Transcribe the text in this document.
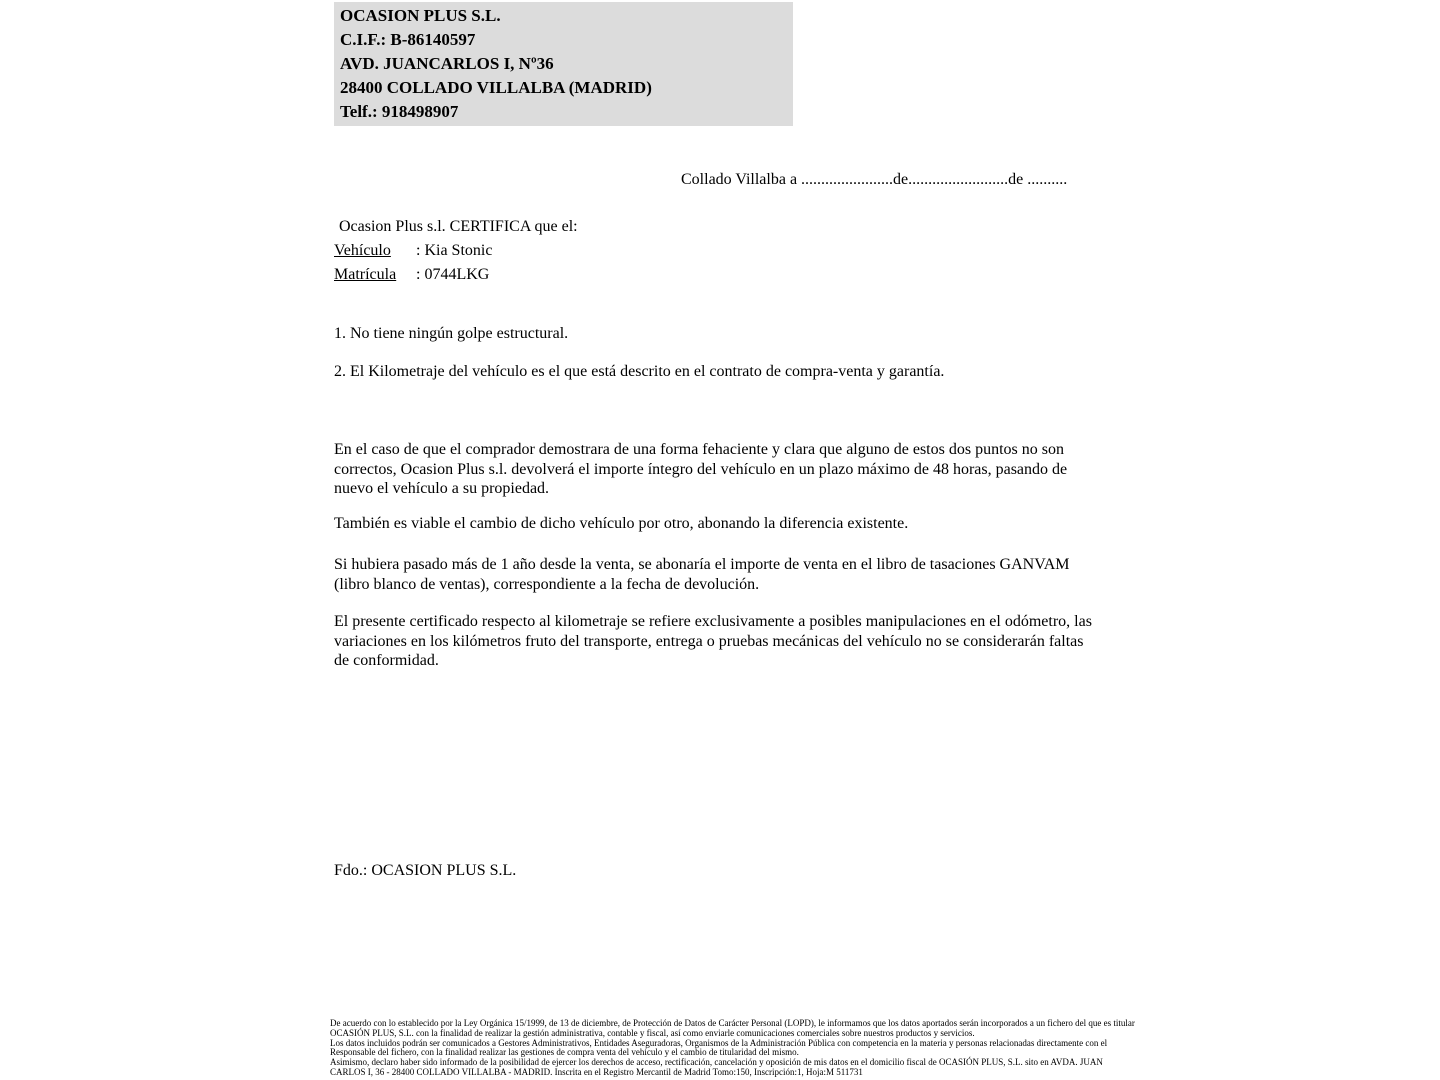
OCASION PLUS S.L.
C.I.F.: B-86140597
AVD. JUANCARLOS I, Nº36
28400 COLLADO VILLALBA (MADRID)
Telf.: 918498907
Collado Villalba a .......................de.........................de ..........
Ocasion Plus s.l. CERTIFICA que el:
Vehículo : Kia Stonic
Matrícula : 0744LKG
1. No tiene ningún golpe estructural.
2. El Kilometraje del vehículo es el que está descrito en el contrato de compra-venta y garantía.
En el caso de que el comprador demostrara de una forma fehaciente y clara que alguno de estos dos puntos no son correctos, Ocasion Plus s.l. devolverá el importe íntegro del vehículo en un plazo máximo de 48 horas, pasando de nuevo el vehículo a su propiedad.
También es viable el cambio de dicho vehículo por otro, abonando la diferencia existente.
Si hubiera pasado más de 1 año desde la venta, se abonaría el importe de venta en el libro de tasaciones GANVAM (libro blanco de ventas), correspondiente a la fecha de devolución.
El presente certificado respecto al kilometraje se refiere exclusivamente a posibles manipulaciones en el odómetro, las variaciones en los kilómetros fruto del transporte, entrega o pruebas mecánicas del vehículo no se considerarán faltas de conformidad.
Fdo.: OCASION PLUS S.L.
De acuerdo con lo establecido por la Ley Orgánica 15/1999, de 13 de diciembre, de Protección de Datos de Carácter Personal (LOPD), le informamos que los datos aportados serán incorporados a un fichero del que es titular
OCASIÓN PLUS, S.L. con la finalidad de realizar la gestión administrativa, contable y fiscal, así como enviarle comunicaciones comerciales sobre nuestros productos y servicios.
Los datos incluidos podrán ser comunicados a Gestores Administrativos, Entidades Aseguradoras, Organismos de la Administración Pública con competencia en la materia y personas relacionadas directamente con el
Responsable del fichero, con la finalidad realizar las gestiones de compra venta del vehículo y el cambio de titularidad del mismo.
Asimismo, declaro haber sido informado de la posibilidad de ejercer los derechos de acceso, rectificación, cancelación y oposición de mis datos en el domicilio fiscal de OCASIÓN PLUS, S.L. sito en AVDA. JUAN
CARLOS I, 36 - 28400 COLLADO VILLALBA - MADRID. Inscrita en el Registro Mercantil de Madrid Tomo:150, Inscripción:1, Hoja:M 511731
